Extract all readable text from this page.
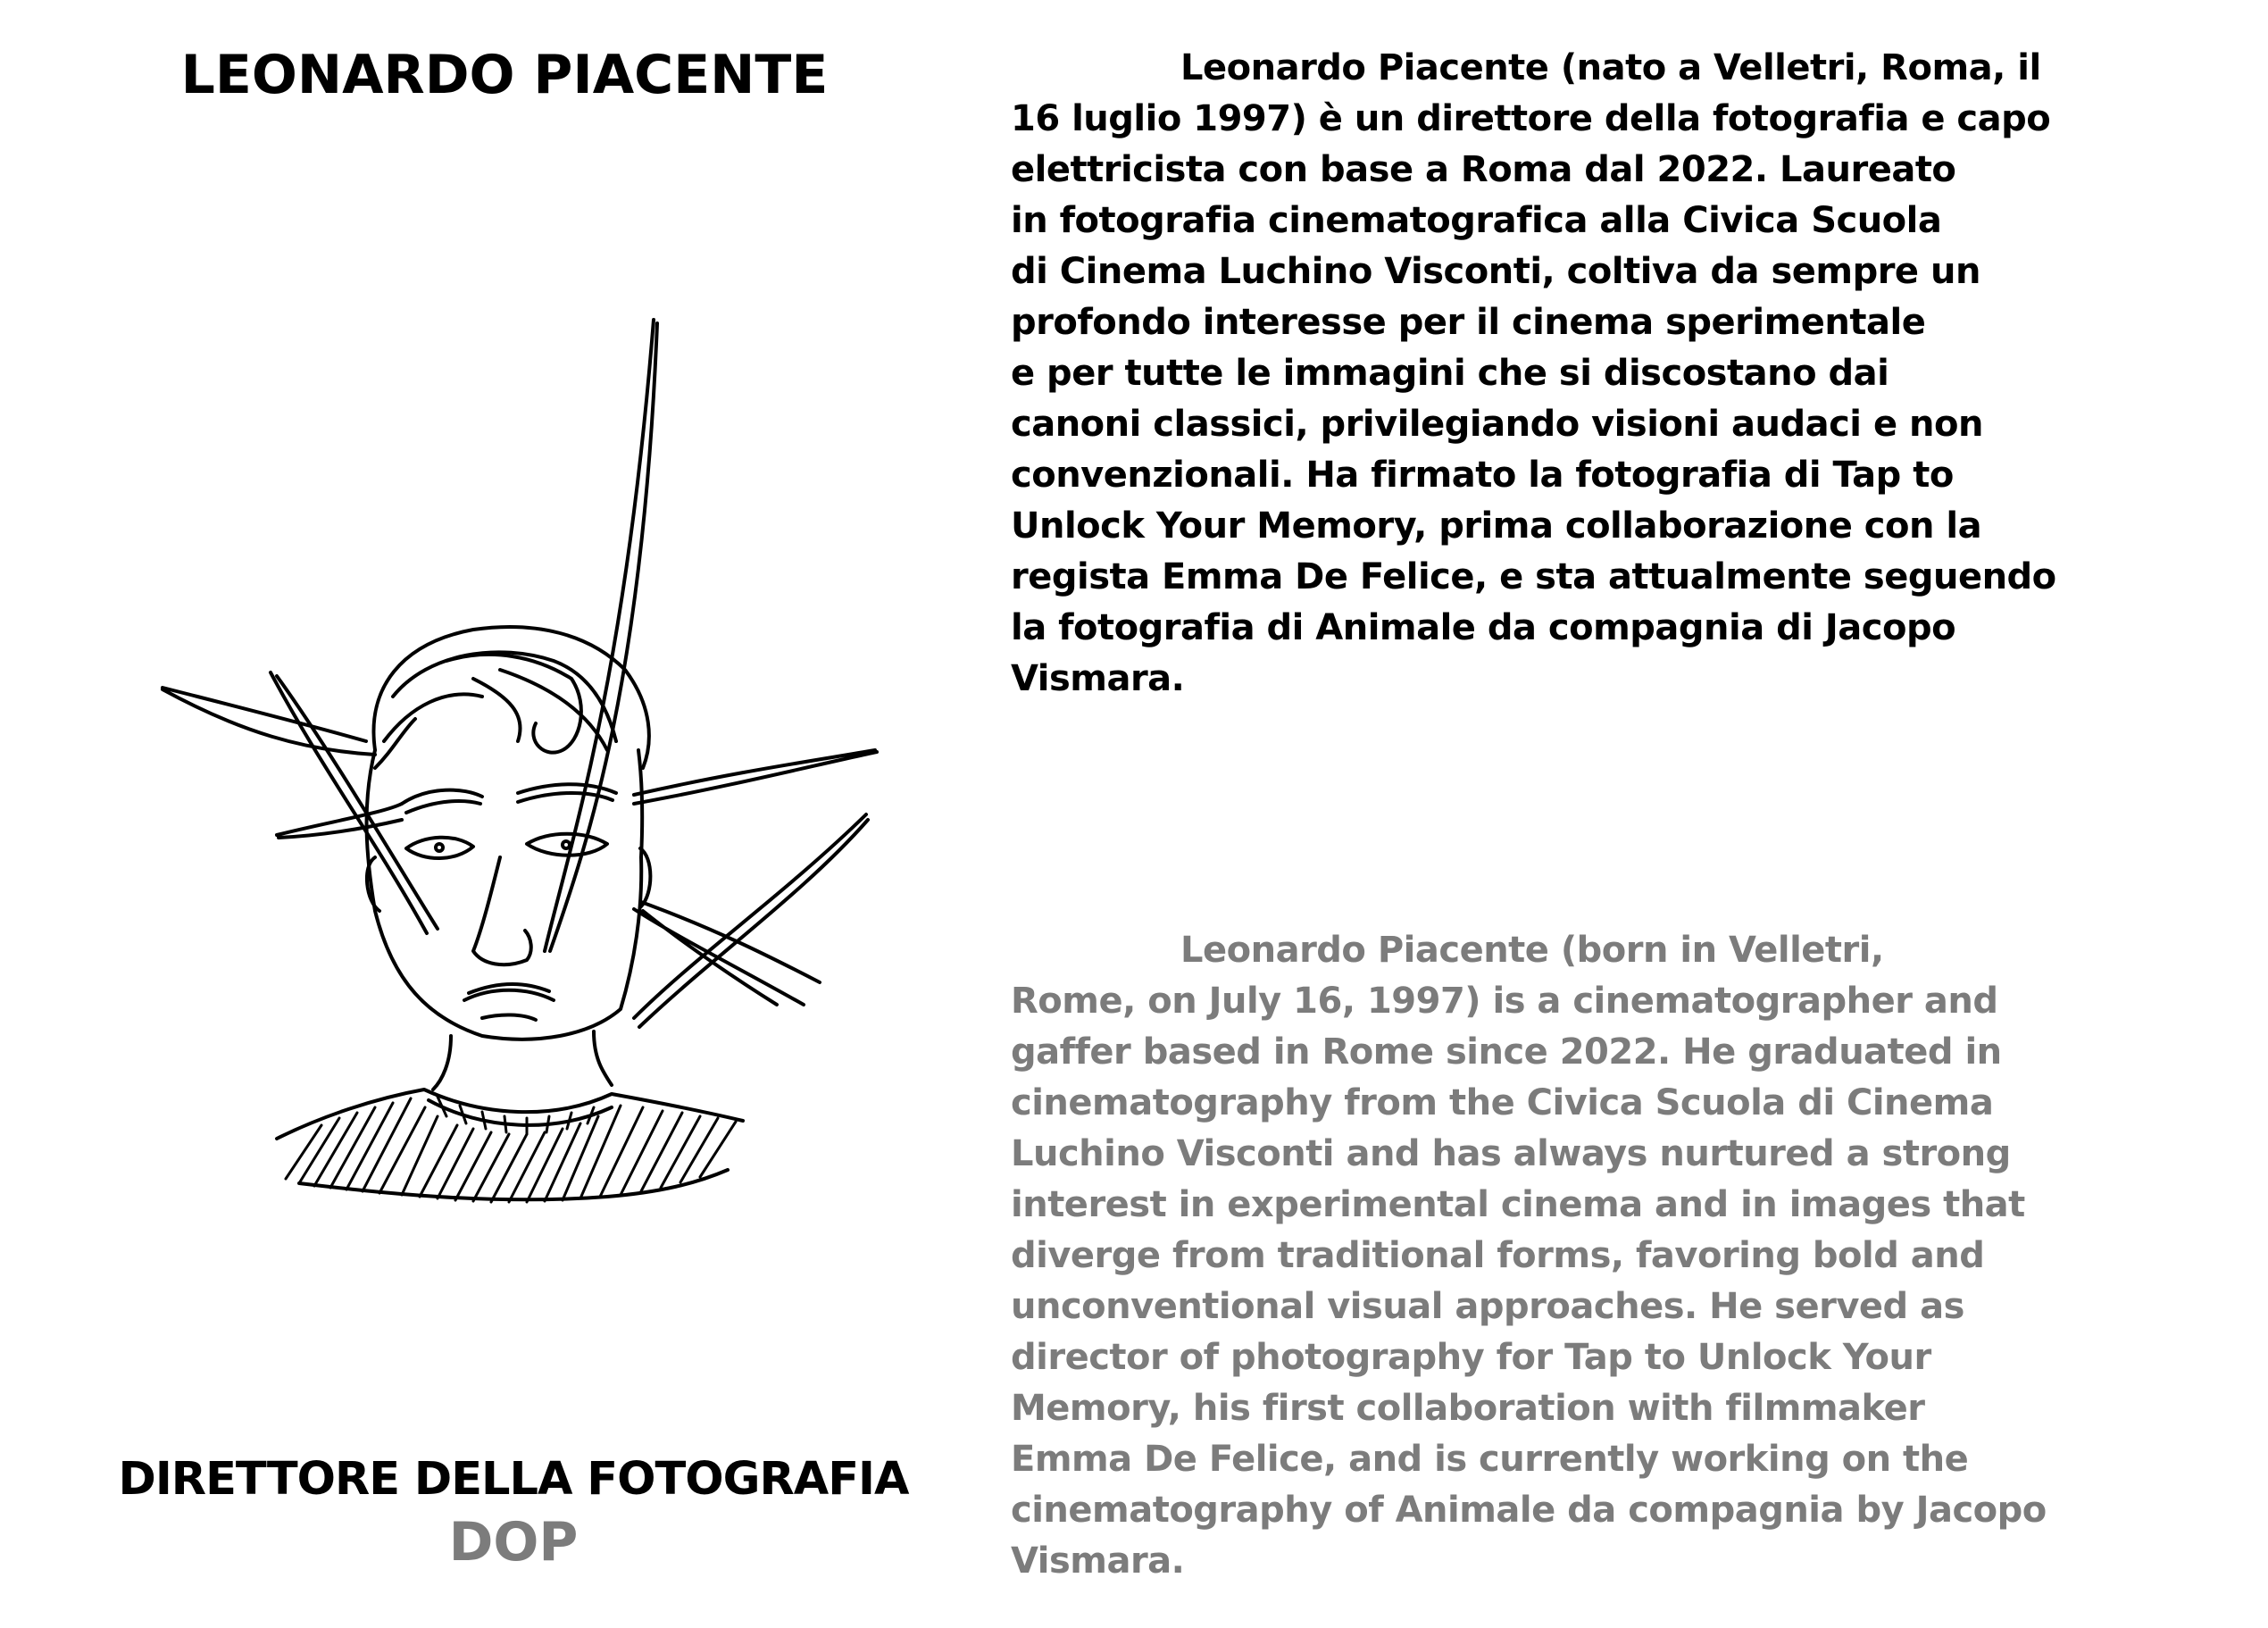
LEONARDO PIACENTE
DIRETTORE DELLA FOTOGRAFIA
DOP
Leonardo Piacente (nato a Velletri, Roma, il
16 luglio 1997) è un direttore della fotografia e capo
elettricista con base a Roma dal 2022. Laureato
in fotografia cinematografica alla Civica Scuola
di Cinema Luchino Visconti, coltiva da sempre un
profondo interesse per il cinema sperimentale
e per tutte le immagini che si discostano dai
canoni classici, privilegiando visioni audaci e non
convenzionali. Ha firmato la fotografia di Tap to
Unlock Your Memory, prima collaborazione con la
regista Emma De Felice, e sta attualmente seguendo
la fotografia di Animale da compagnia di Jacopo
Vismara.
Leonardo Piacente (born in Velletri,
Rome, on July 16, 1997) is a cinematographer and
gaffer based in Rome since 2022. He graduated in
cinematography from the Civica Scuola di Cinema
Luchino Visconti and has always nurtured a strong
interest in experimental cinema and in images that
diverge from traditional forms, favoring bold and
unconventional visual approaches. He served as
director of photography for Tap to Unlock Your
Memory, his first collaboration with filmmaker
Emma De Felice, and is currently working on the
cinematography of Animale da compagnia by Jacopo
Vismara.
